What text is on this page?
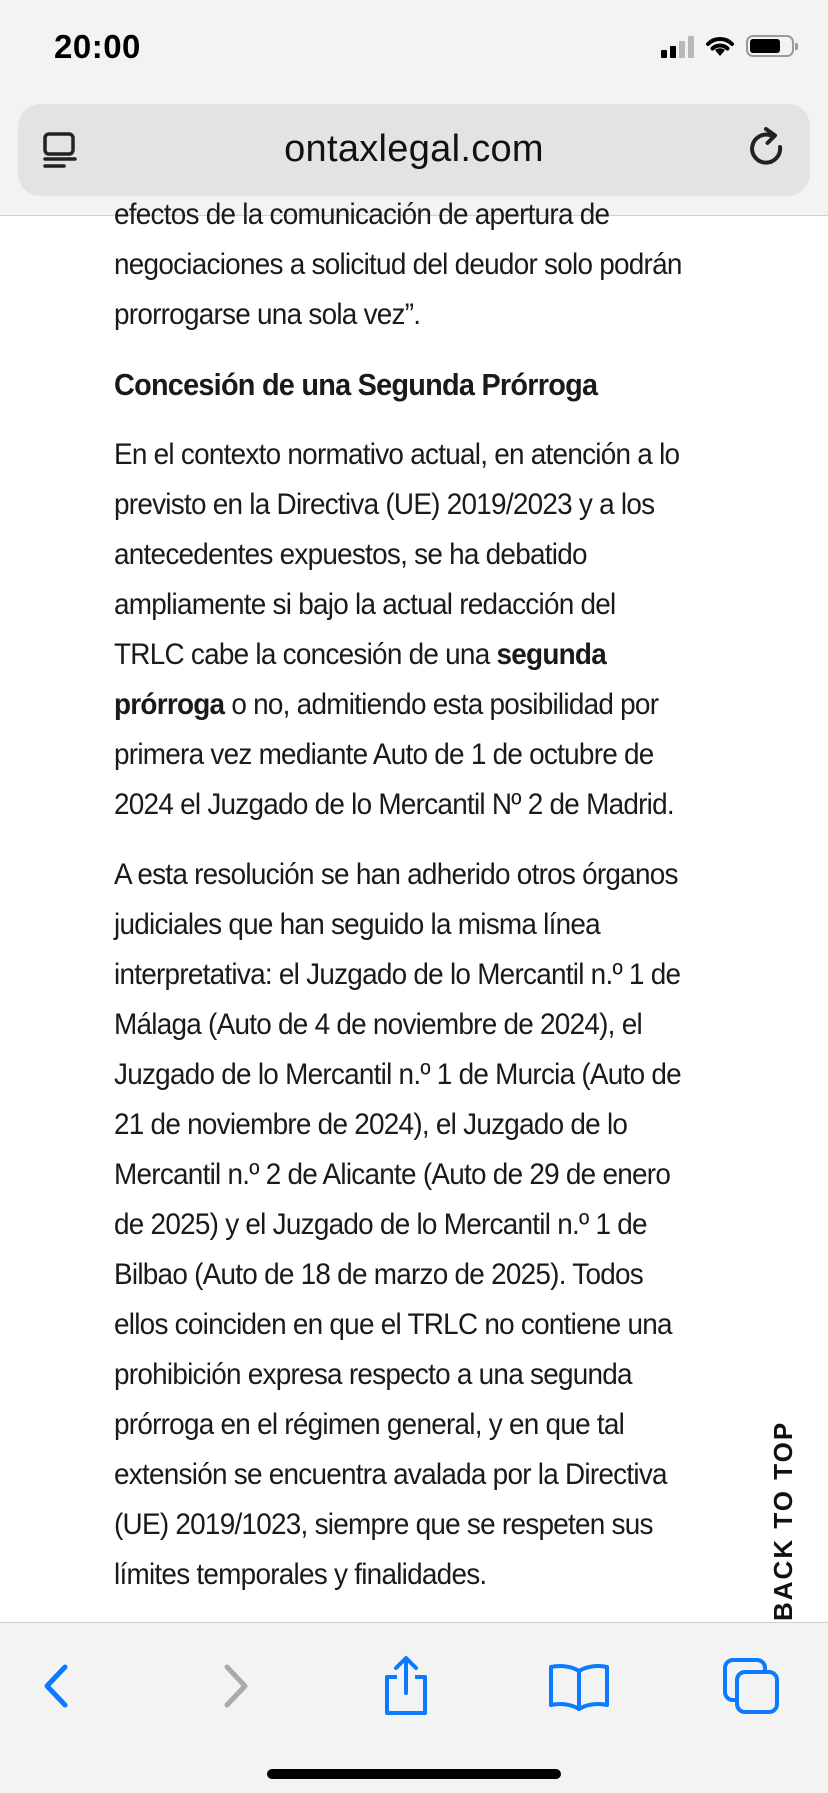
20:00
ontaxlegal.com

efectos de la comunicación de apertura de negociaciones a solicitud del deudor solo podrán prorrogarse una sola vez”.

Concesión de una Segunda Prórroga

En el contexto normativo actual, en atención a lo previsto en la Directiva (UE) 2019/2023 y a los antecedentes expuestos, se ha debatido ampliamente si bajo la actual redacción del TRLC cabe la concesión de una segunda prórroga o no, admitiendo esta posibilidad por primera vez mediante Auto de 1 de octubre de 2024 el Juzgado de lo Mercantil Nº 2 de Madrid.

A esta resolución se han adherido otros órganos judiciales que han seguido la misma línea interpretativa: el Juzgado de lo Mercantil n.º 1 de Málaga (Auto de 4 de noviembre de 2024), el Juzgado de lo Mercantil n.º 1 de Murcia (Auto de 21 de noviembre de 2024), el Juzgado de lo Mercantil n.º 2 de Alicante (Auto de 29 de enero de 2025) y el Juzgado de lo Mercantil n.º 1 de Bilbao (Auto de 18 de marzo de 2025). Todos ellos coinciden en que el TRLC no contiene una prohibición expresa respecto a una segunda prórroga en el régimen general, y en que tal extensión se encuentra avalada por la Directiva (UE) 2019/1023, siempre que se respeten sus límites temporales y finalidades.	BACK TO TOP
